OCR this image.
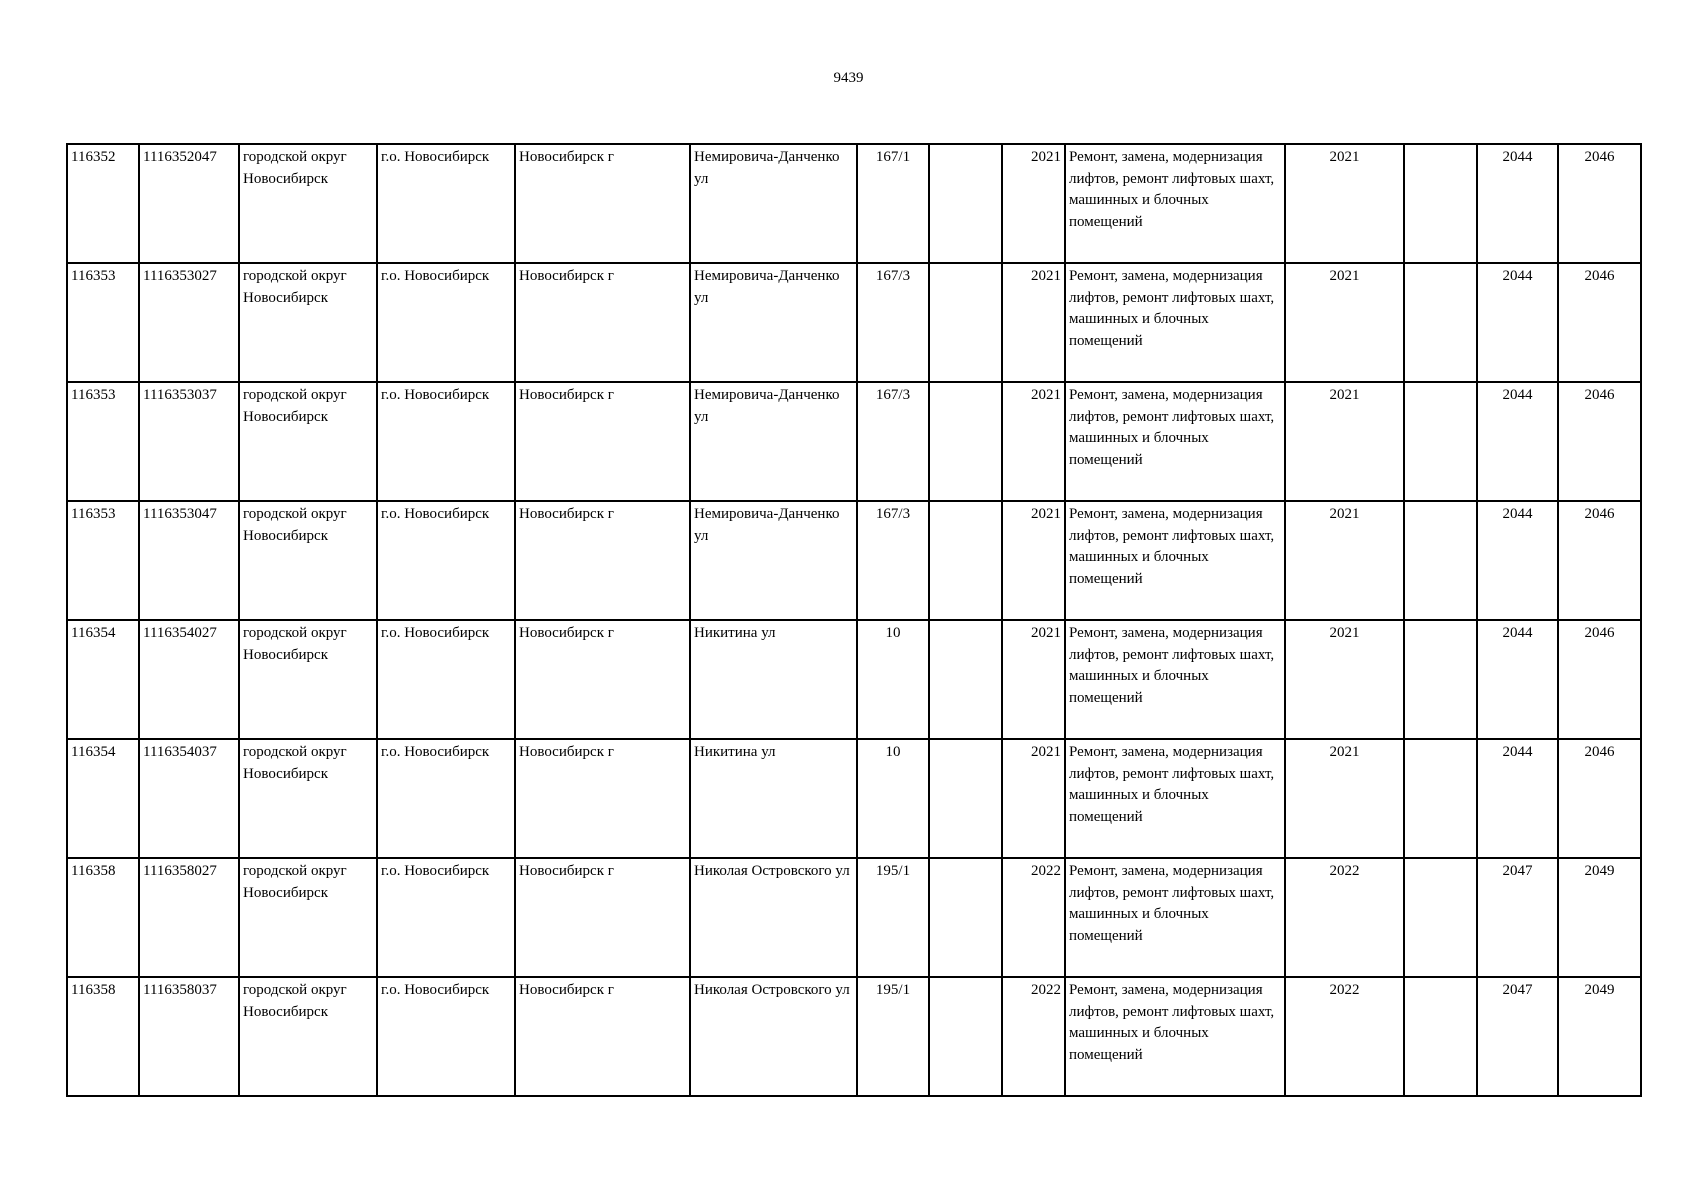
9439
116352	1116352047	городской округ Новосибирск	г.о. Новосибирск	Новосибирск г	Немировича-Данченко ул	167/1		2021	Ремонт, замена, модернизация лифтов, ремонт лифтовых шахт, машинных и блочных помещений	2021		2044	2046
116353	1116353027	городской округ Новосибирск	г.о. Новосибирск	Новосибирск г	Немировича-Данченко ул	167/3		2021	Ремонт, замена, модернизация лифтов, ремонт лифтовых шахт, машинных и блочных помещений	2021		2044	2046
116353	1116353037	городской округ Новосибирск	г.о. Новосибирск	Новосибирск г	Немировича-Данченко ул	167/3		2021	Ремонт, замена, модернизация лифтов, ремонт лифтовых шахт, машинных и блочных помещений	2021		2044	2046
116353	1116353047	городской округ Новосибирск	г.о. Новосибирск	Новосибирск г	Немировича-Данченко ул	167/3		2021	Ремонт, замена, модернизация лифтов, ремонт лифтовых шахт, машинных и блочных помещений	2021		2044	2046
116354	1116354027	городской округ Новосибирск	г.о. Новосибирск	Новосибирск г	Никитина ул	10		2021	Ремонт, замена, модернизация лифтов, ремонт лифтовых шахт, машинных и блочных помещений	2021		2044	2046
116354	1116354037	городской округ Новосибирск	г.о. Новосибирск	Новосибирск г	Никитина ул	10		2021	Ремонт, замена, модернизация лифтов, ремонт лифтовых шахт, машинных и блочных помещений	2021		2044	2046
116358	1116358027	городской округ Новосибирск	г.о. Новосибирск	Новосибирск г	Николая Островского ул	195/1		2022	Ремонт, замена, модернизация лифтов, ремонт лифтовых шахт, машинных и блочных помещений	2022		2047	2049
116358	1116358037	городской округ Новосибирск	г.о. Новосибирск	Новосибирск г	Николая Островского ул	195/1		2022	Ремонт, замена, модернизация лифтов, ремонт лифтовых шахт, машинных и блочных помещений	2022		2047	2049
